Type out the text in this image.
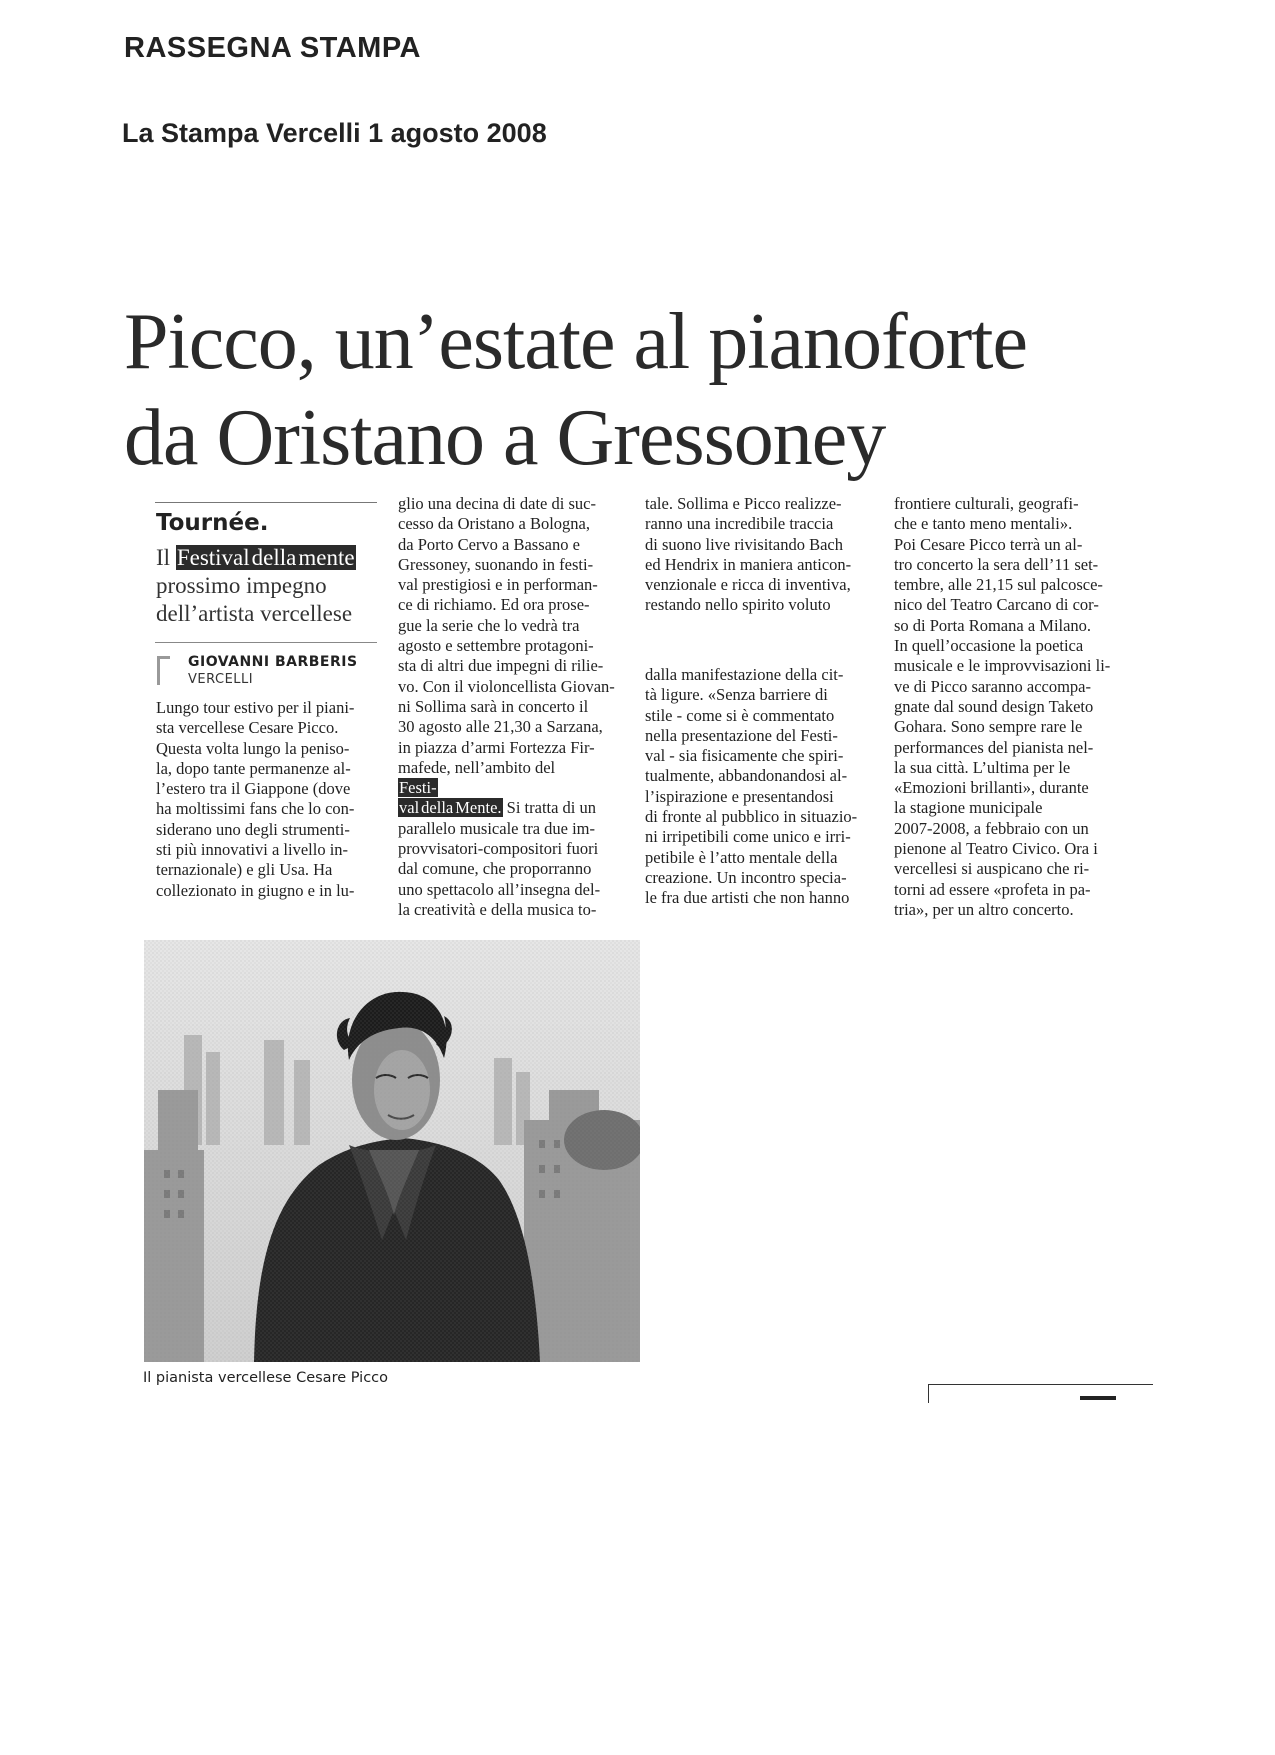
RASSEGNA STAMPA
La Stampa Vercelli 1 agosto 2008
Picco, un’estate al pianoforte
da Oristano a Gressoney
Tournée.
Il Festivaldellamente
prossimo impegno
dell’artista vercellese
GIOVANNI BARBERIS
VERCELLI
Lungo tour estivo per il piani-
sta vercellese Cesare Picco.
Questa volta lungo la peniso-
la, dopo tante permanenze al-
l’estero tra il Giappone (dove
ha moltissimi fans che lo con-
siderano uno degli strumenti-
sti più innovativi a livello in-
ternazionale) e gli Usa. Ha
collezionato in giugno e in lu-
glio una decina di date di suc-
cesso da Oristano a Bologna,
da Porto Cervo a Bassano e
Gressoney, suonando in festi-
val prestigiosi e in performan-
ce di richiamo. Ed ora prose-
gue la serie che lo vedrà tra
agosto e settembre protagoni-
sta di altri due impegni di rilie-
vo. Con il violoncellista Giovan-
ni Sollima sarà in concerto il
30 agosto alle 21,30 a Sarzana,
in piazza d’armi Fortezza Fir-
mafede, nell’ambito del
Festi-
val della Mente. Si tratta di un
parallelo musicale tra due im-
provvisatori-compositori fuori
dal comune, che proporranno
uno spettacolo all’insegna del-
la creatività e della musica to-
tale. Sollima e Picco realizze-
ranno una incredibile traccia
di suono live rivisitando Bach
ed Hendrix in maniera anticon-
venzionale e ricca di inventiva,
restando nello spirito voluto
dalla manifestazione della cit-
tà ligure. «Senza barriere di
stile - come si è commentato
nella presentazione del Festi-
val - sia fisicamente che spiri-
tualmente, abbandonandosi al-
l’ispirazione e presentandosi
di fronte al pubblico in situazio-
ni irripetibili come unico e irri-
petibile è l’atto mentale della
creazione. Un incontro specia-
le fra due artisti che non hanno
frontiere culturali, geografi-
che e tanto meno mentali».
Poi Cesare Picco terrà un al-
tro concerto la sera dell’11 set-
tembre, alle 21,15 sul palcosce-
nico del Teatro Carcano di cor-
so di Porta Romana a Milano.
In quell’occasione la poetica
musicale e le improvvisazioni li-
ve di Picco saranno accompa-
gnate dal sound design Taketo
Gohara. Sono sempre rare le
performances del pianista nel-
la sua città. L’ultima per le
«Emozioni brillanti», durante
la stagione municipale
2007-2008, a febbraio con un
pienone al Teatro Civico. Ora i
vercellesi si auspicano che ri-
torni ad essere «profeta in pa-
tria», per un altro concerto.
Il pianista vercellese Cesare Picco
